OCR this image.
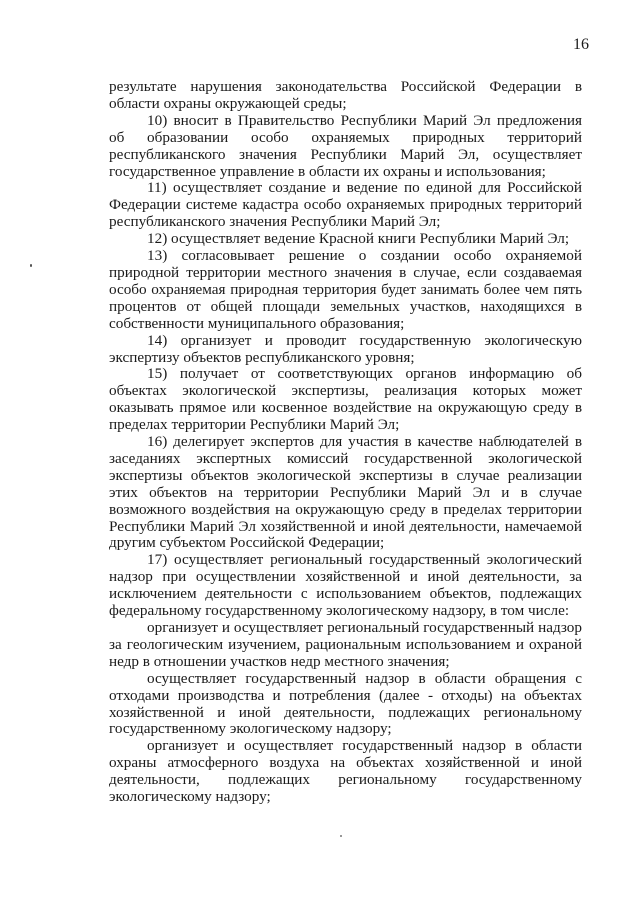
16

результате нарушения законодательства Российской Федерации в области охраны окружающей среды;

10) вносит в Правительство Республики Марий Эл предложения об образовании особо охраняемых природных территорий республиканского значения Республики Марий Эл, осуществляет государственное управление в области их охраны и использования;

11) осуществляет создание и ведение по единой для Российской Федерации системе кадастра особо охраняемых природных территорий республиканского значения Республики Марий Эл;

12) осуществляет ведение Красной книги Республики Марий Эл;

13) согласовывает решение о создании особо охраняемой природной территории местного значения в случае, если создаваемая особо охраняемая природная территория будет занимать более чем пять процентов от общей площади земельных участков, находящихся в собственности муниципального образования;

14) организует и проводит государственную экологическую экспертизу объектов республиканского уровня;

15) получает от соответствующих органов информацию об объектах экологической экспертизы, реализация которых может оказывать прямое или косвенное воздействие на окружающую среду в пределах территории Республики Марий Эл;

16) делегирует экспертов для участия в качестве наблюдателей в заседаниях экспертных комиссий государственной экологической экспертизы объектов экологической экспертизы в случае реализации этих объектов на территории Республики Марий Эл и в случае возможного воздействия на окружающую среду в пределах территории Республики Марий Эл хозяйственной и иной деятельности, намечаемой другим субъектом Российской Федерации;

17) осуществляет региональный государственный экологический надзор при осуществлении хозяйственной и иной деятельности, за исключением деятельности с использованием объектов, подлежащих федеральному государственному экологическому надзору, в том числе:

организует и осуществляет региональный государственный надзор за геологическим изучением, рациональным использованием и охраной недр в отношении участков недр местного значения;

осуществляет государственный надзор в области обращения с отходами производства и потребления (далее - отходы) на объектах хозяйственной и иной деятельности, подлежащих региональному государственному экологическому надзору;

организует и осуществляет государственный надзор в области охраны атмосферного воздуха на объектах хозяйственной и иной деятельности, подлежащих региональному государственному экологическому надзору;
